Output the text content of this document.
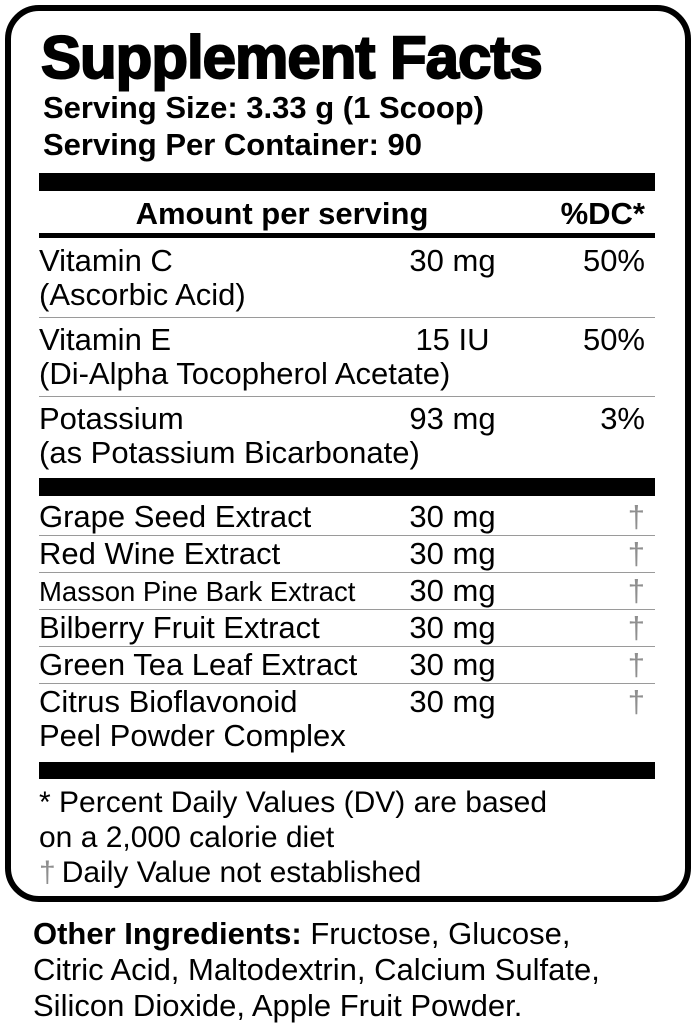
Supplement Facts
Serving Size: 3.33 g (1 Scoop)
Serving Per Container: 90
Amount per serving	%DC*
Vitamin C	30 mg	50%
(Ascorbic Acid)
Vitamin E	15 IU	50%
(Di-Alpha Tocopherol Acetate)
Potassium	93 mg	3%
(as Potassium Bicarbonate)
Grape Seed Extract	30 mg	†
Red Wine Extract	30 mg	†
Masson Pine Bark Extract	30 mg	†
Bilberry Fruit Extract	30 mg	†
Green Tea Leaf Extract	30 mg	†
Citrus Bioflavonoid	30 mg	†
Peel Powder Complex
* Percent Daily Values (DV) are based
on a 2,000 calorie diet
† Daily Value not established
Other Ingredients: Fructose, Glucose,
Citric Acid, Maltodextrin, Calcium Sulfate,
Silicon Dioxide, Apple Fruit Powder.
